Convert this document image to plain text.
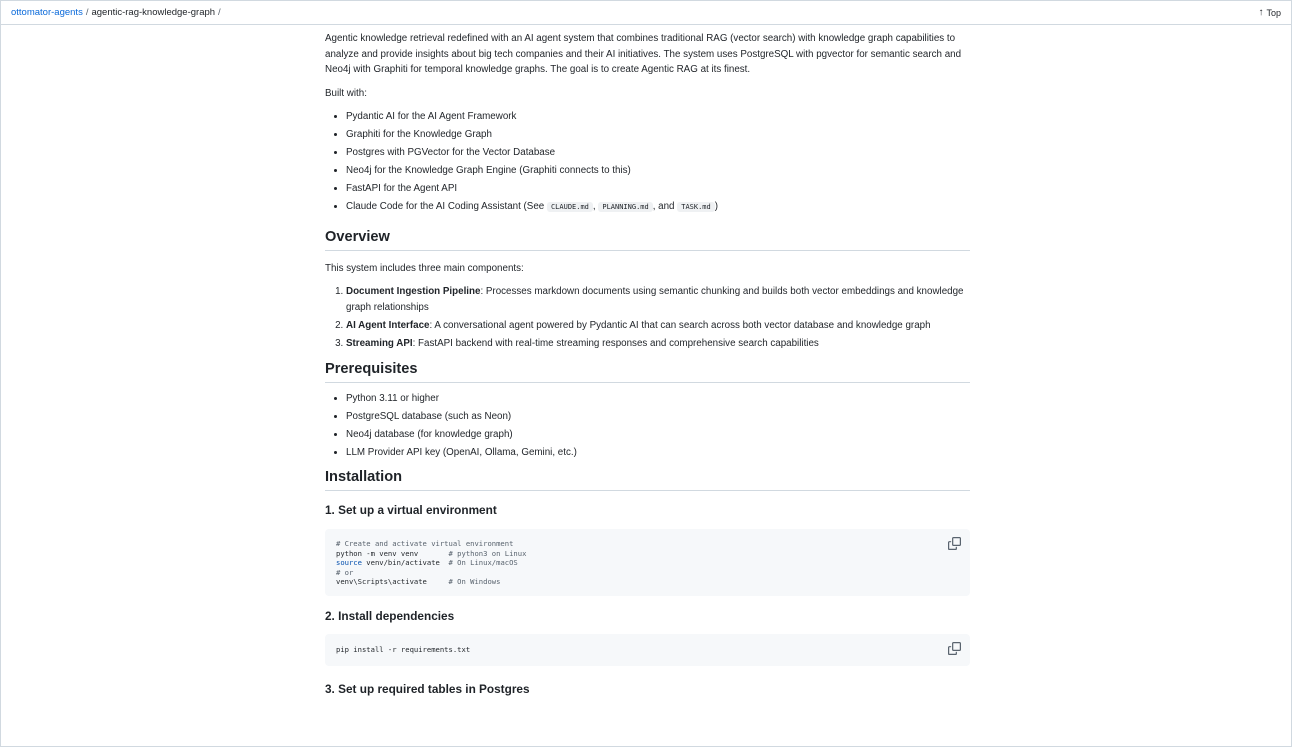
ottomator-agents / agentic-rag-knowledge-graph /	↑ Top

Agentic knowledge retrieval redefined with an AI agent system that combines traditional RAG (vector search) with knowledge graph capabilities to analyze and provide insights about big tech companies and their AI initiatives. The system uses PostgreSQL with pgvector for semantic search and Neo4j with Graphiti for temporal knowledge graphs. The goal is to create Agentic RAG at its finest.

Built with:

• Pydantic AI for the AI Agent Framework
• Graphiti for the Knowledge Graph
• Postgres with PGVector for the Vector Database
• Neo4j for the Knowledge Graph Engine (Graphiti connects to this)
• FastAPI for the Agent API
• Claude Code for the AI Coding Assistant (See CLAUDE.md , PLANNING.md , and TASK.md )
Overview

This system includes three main components:

1. Document Ingestion Pipeline: Processes markdown documents using semantic chunking and builds both vector embeddings and knowledge graph relationships
2. AI Agent Interface: A conversational agent powered by Pydantic AI that can search across both vector database and knowledge graph
3. Streaming API: FastAPI backend with real-time streaming responses and comprehensive search capabilities
Prerequisites
• Python 3.11 or higher
• PostgreSQL database (such as Neon)
• Neo4j database (for knowledge graph)
• LLM Provider API key (OpenAI, Ollama, Gemini, etc.)
Installation
1. Set up a virtual environment
# Create and activate virtual environment
python -m venv venv       # python3 on Linux
source venv/bin/activate  # On Linux/macOS
# or
venv\Scripts\activate     # On Windows
2. Install dependencies
pip install -r requirements.txt
3. Set up required tables in Postgres
